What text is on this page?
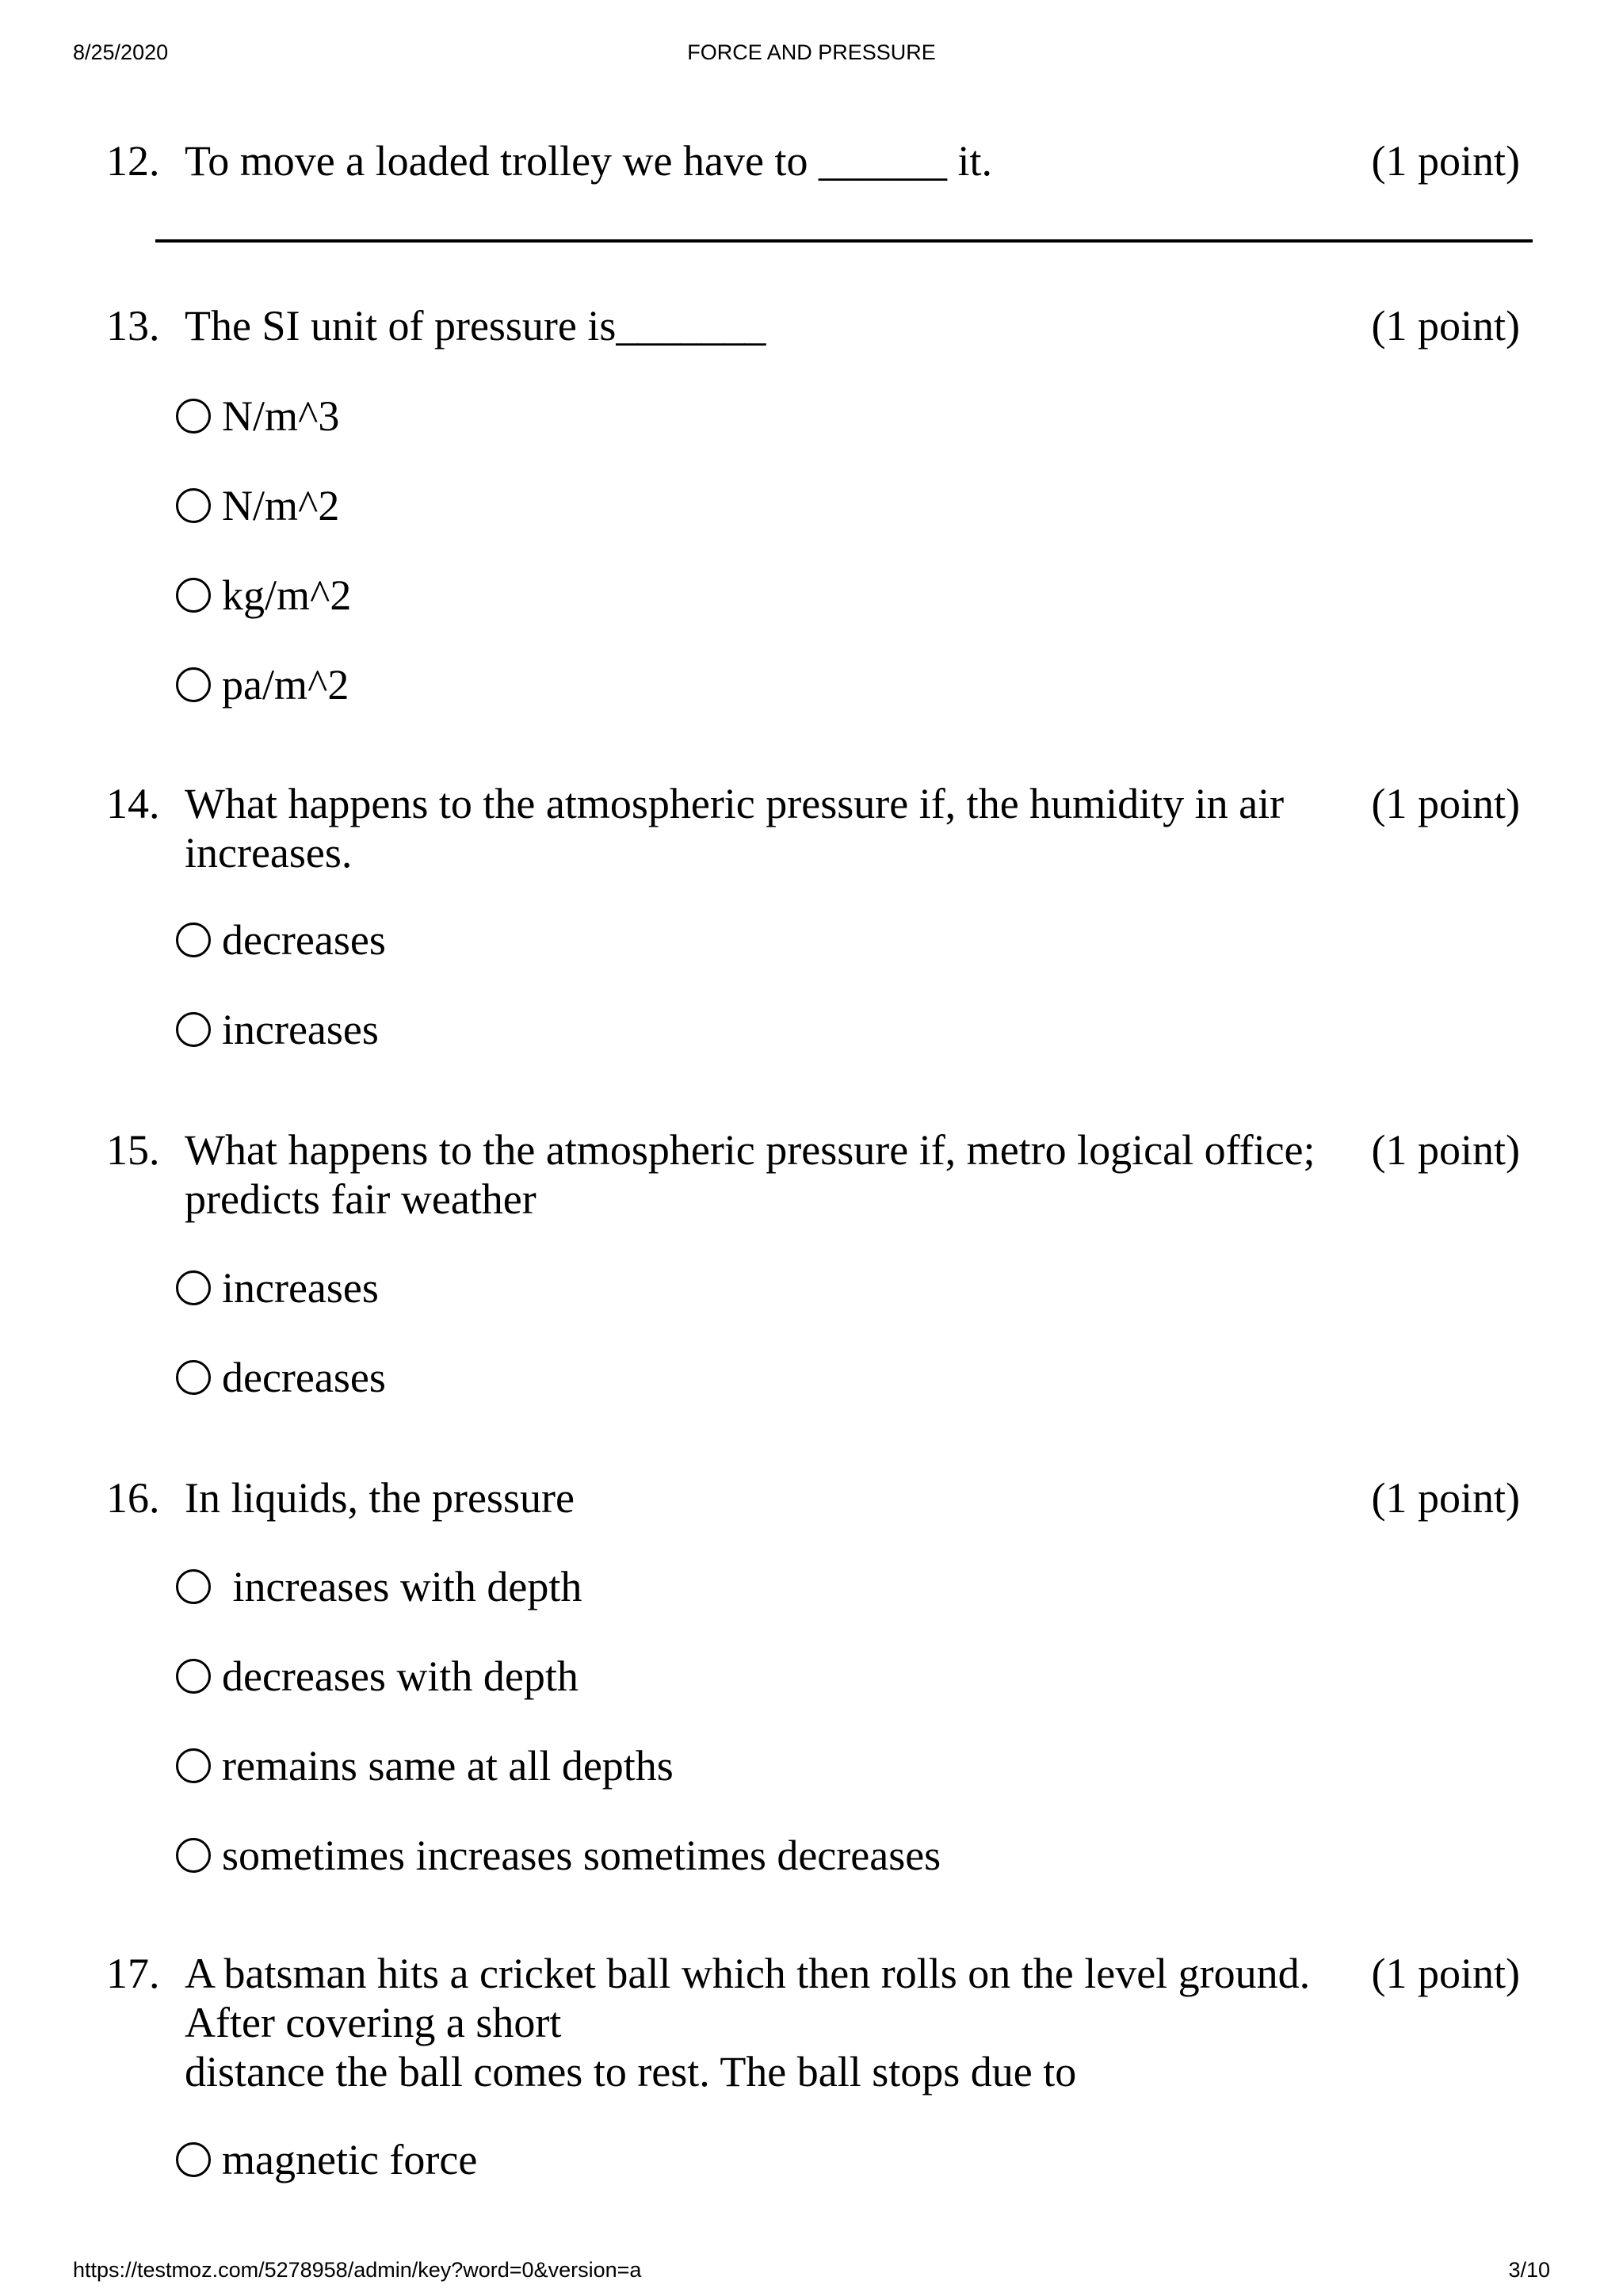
8/25/2020	FORCE AND PRESSURE
12. To move a loaded trolley we have to ______ it.	(1 point)
13. The SI unit of pressure is_______	(1 point)
N/m^3
N/m^2
kg/m^2
pa/m^2
14. What happens to the atmospheric pressure if, the humidity in air
increases.
(1 point)
decreases
increases
15. What happens to the atmospheric pressure if, metro logical office;
predicts fair weather
(1 point)
increases
decreases
16. In liquids, the pressure	(1 point)
increases with depth
decreases with depth
remains same at all depths
sometimes increases sometimes decreases
17. A batsman hits a cricket ball which then rolls on the level ground.
After covering a short
distance the ball comes to rest. The ball stops due to
(1 point)
magnetic force
https://testmoz.com/5278958/admin/key?word=0&version=a	3/10
